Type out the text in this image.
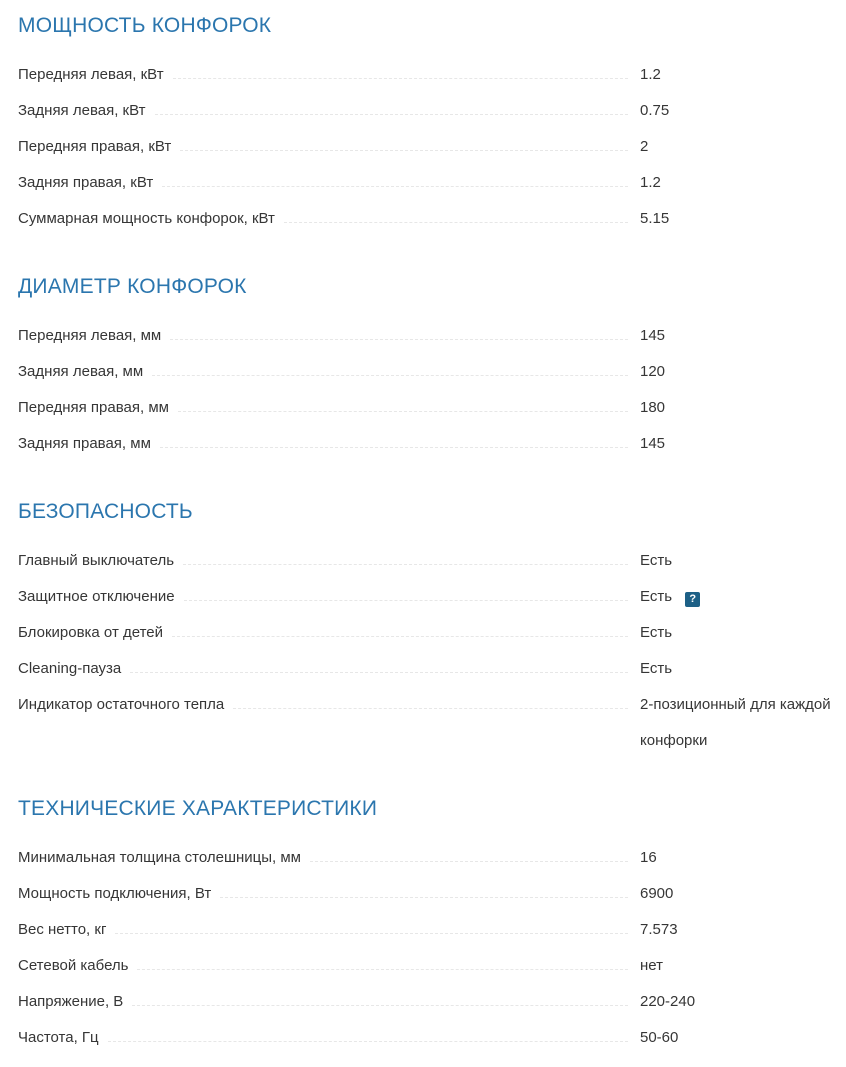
МОЩНОСТЬ КОНФОРОК
Передняя левая, кВт	1.2
Задняя левая, кВт	0.75
Передняя правая, кВт	2
Задняя правая, кВт	1.2
Суммарная мощность конфорок, кВт	5.15
ДИАМЕТР КОНФОРОК
Передняя левая, мм	145
Задняя левая, мм	120
Передняя правая, мм	180
Задняя правая, мм	145
БЕЗОПАСНОСТЬ
Главный выключатель	Есть
Защитное отключение	Есть ?
Блокировка от детей	Есть
Cleaning-пауза	Есть
Индикатор остаточного тепла	2-позиционный для каждой конфорки
ТЕХНИЧЕСКИЕ ХАРАКТЕРИСТИКИ
Минимальная толщина столешницы, мм	16
Мощность подключения, Вт	6900
Вес нетто, кг	7.573
Сетевой кабель	нет
Напряжение, В	220-240
Частота, Гц	50-60
